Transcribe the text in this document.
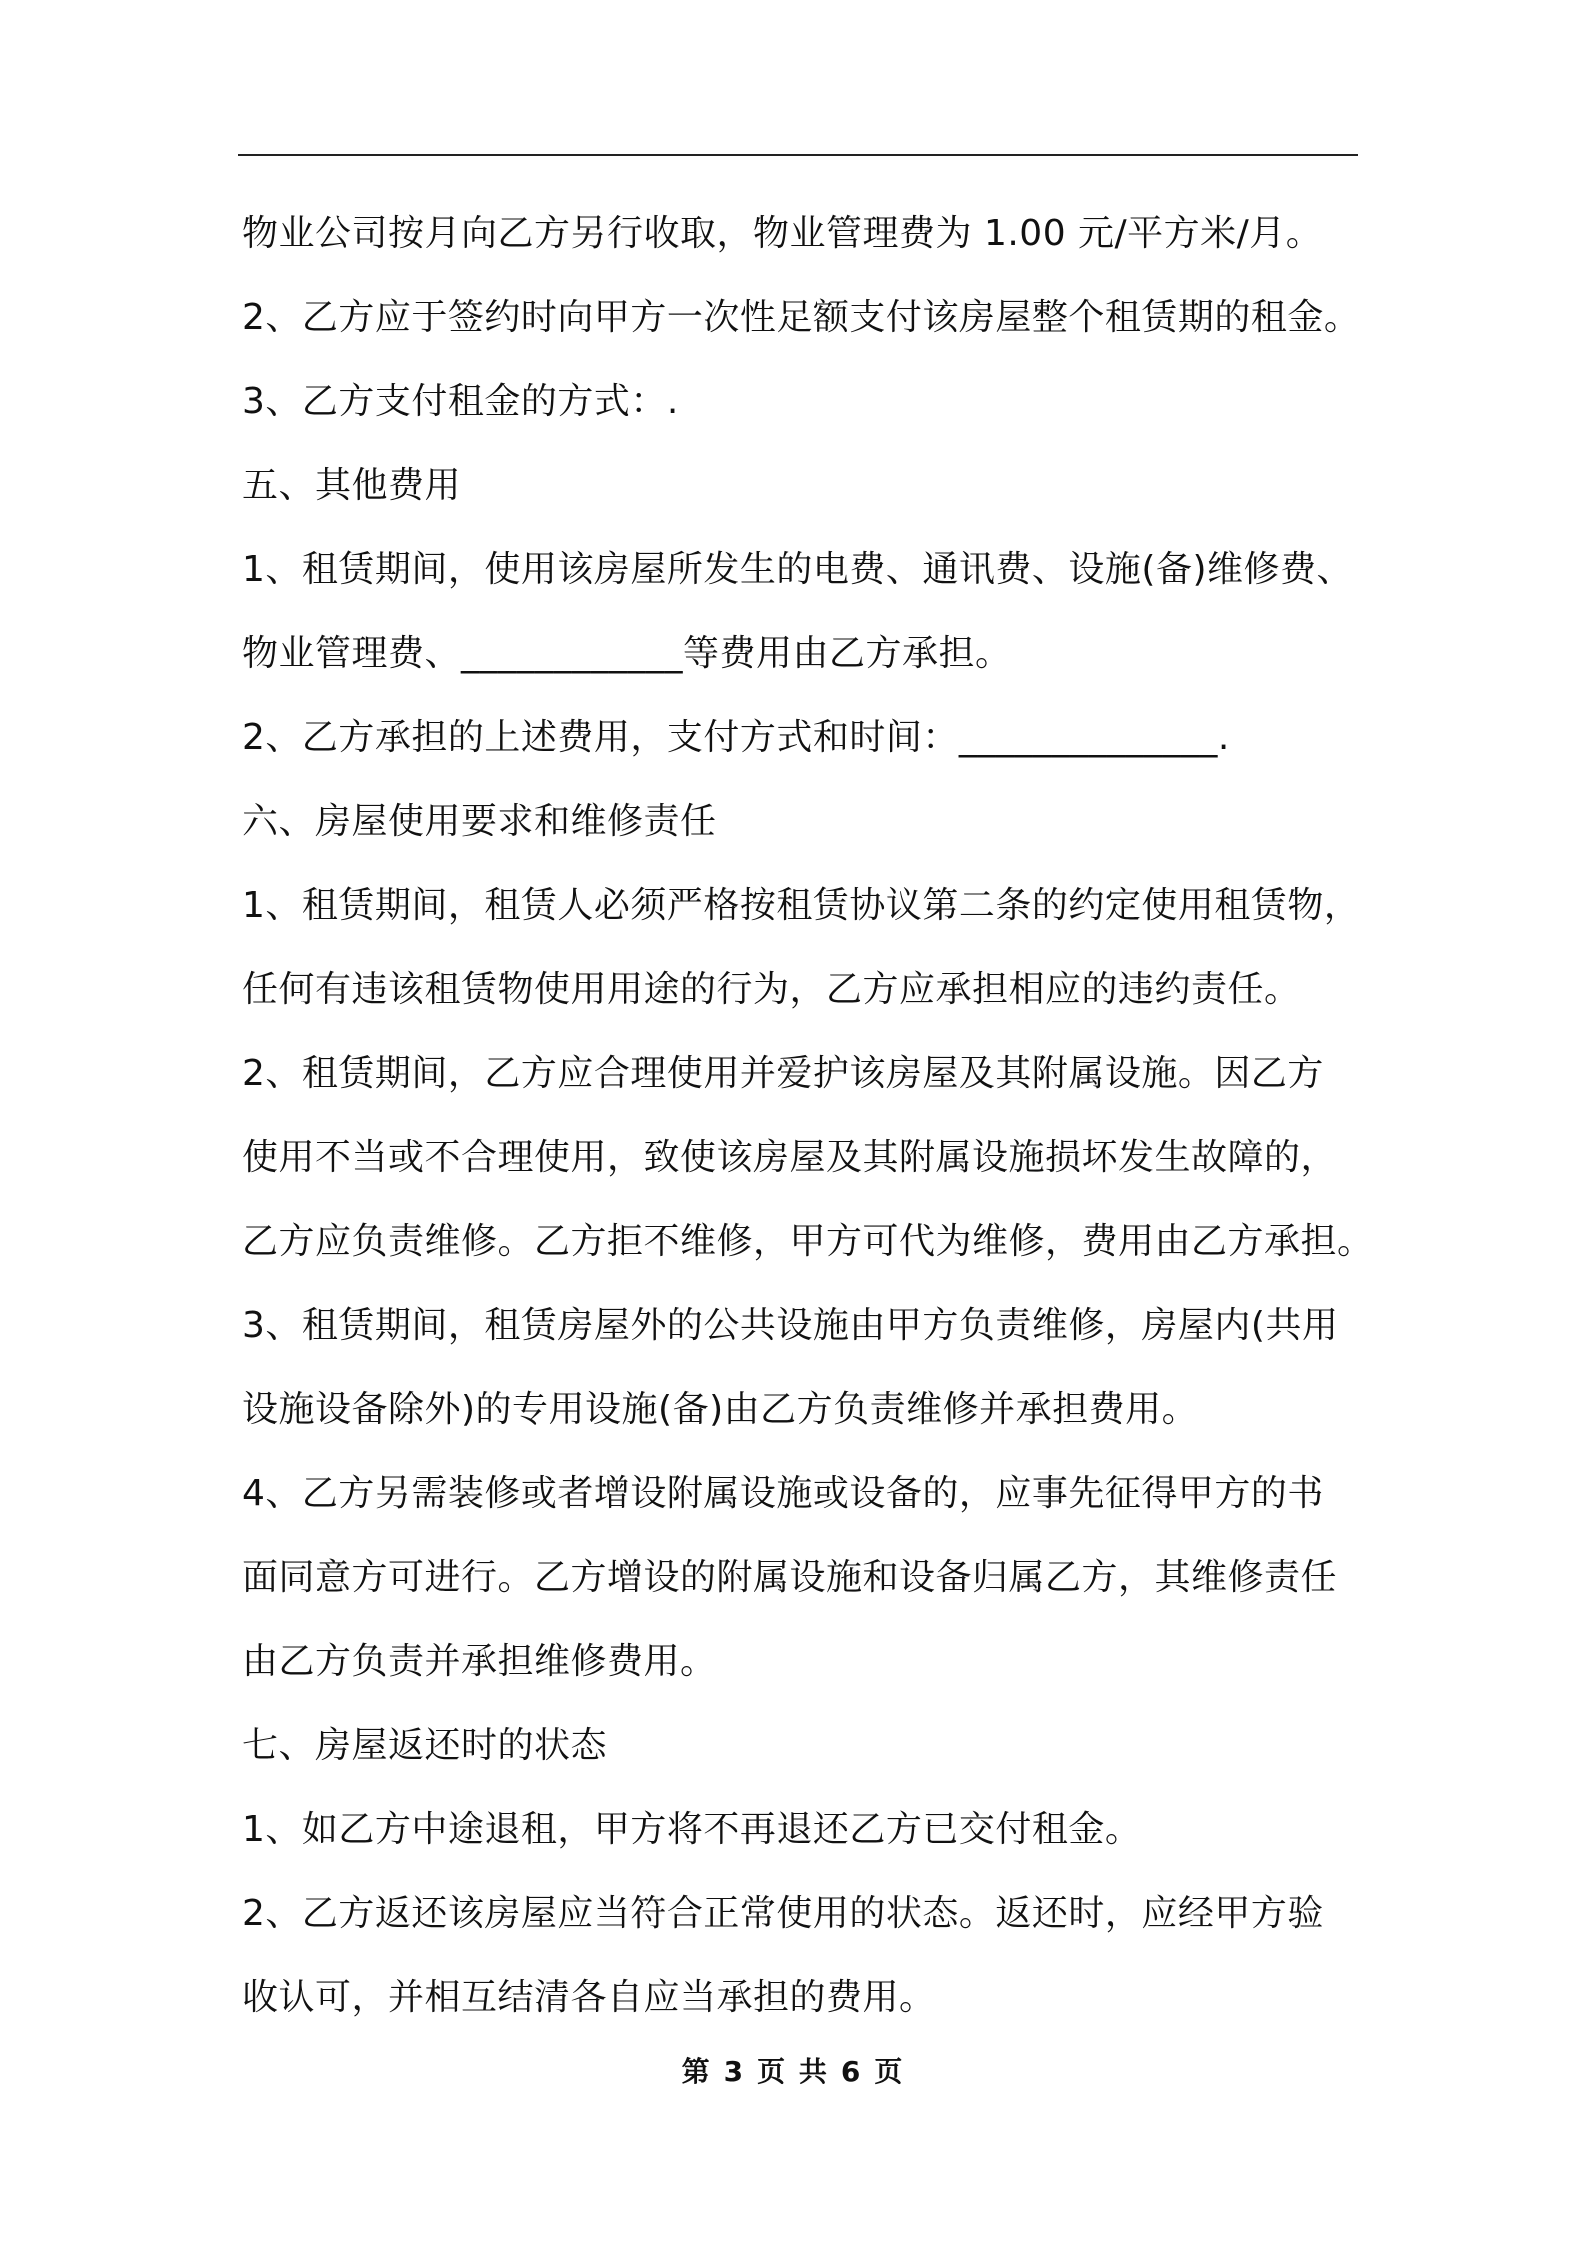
物业公司按月向乙方另行收取，物业管理费为 1.00 元/平方米/月。
2、乙方应于签约时向甲方一次性足额支付该房屋整个租赁期的租金。
3、乙方支付租金的方式：.
五、其他费用
1、租赁期间，使用该房屋所发生的电费、通讯费、设施(备)维修费、
物业管理费、____________等费用由乙方承担。
2、乙方承担的上述费用，支付方式和时间：______________.
六、房屋使用要求和维修责任
1、租赁期间，租赁人必须严格按租赁协议第二条的约定使用租赁物，
任何有违该租赁物使用用途的行为，乙方应承担相应的违约责任。
2、租赁期间，乙方应合理使用并爱护该房屋及其附属设施。因乙方
使用不当或不合理使用，致使该房屋及其附属设施损坏发生故障的，
乙方应负责维修。乙方拒不维修，甲方可代为维修，费用由乙方承担。
3、租赁期间，租赁房屋外的公共设施由甲方负责维修，房屋内(共用
设施设备除外)的专用设施(备)由乙方负责维修并承担费用。
4、乙方另需装修或者增设附属设施或设备的，应事先征得甲方的书
面同意方可进行。乙方增设的附属设施和设备归属乙方，其维修责任
由乙方负责并承担维修费用。
七、房屋返还时的状态
1、如乙方中途退租，甲方将不再退还乙方已交付租金。
2、乙方返还该房屋应当符合正常使用的状态。返还时，应经甲方验
收认可，并相互结清各自应当承担的费用。
第 3 页 共 6 页
